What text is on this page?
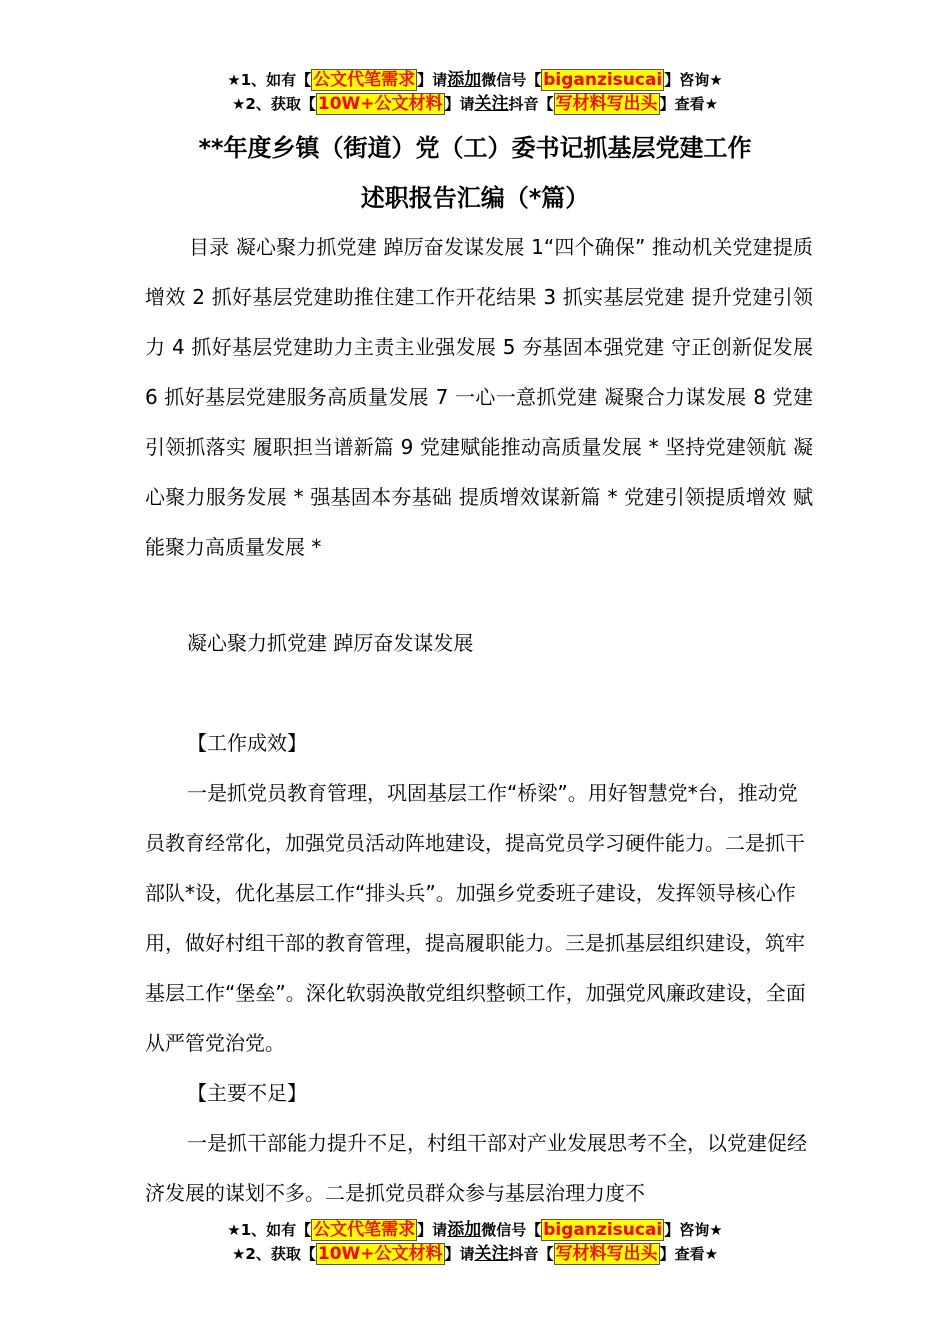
★1、如有【 公文代笔需求 】请添加微信号【 biganzisucai 】咨询★
★2、获取【 10W+公文材料 】请关注抖音【 写材料写出头 】查看★
**年度乡镇（街道）党（工）委书记抓基层党建工作
述职报告汇编（*篇）
目录 凝心聚力抓党建 踔厉奋发谋发展 1“四个确保” 推动机关党建提质增效 2 抓好基层党建助推住建工作开花结果 3 抓实基层党建 提升党建引领力 4 抓好基层党建助力主责主业强发展 5 夯基固本强党建 守正创新促发展 6 抓好基层党建服务高质量发展 7 一心一意抓党建 凝聚合力谋发展 8 党建引领抓落实 履职担当谱新篇 9 党建赋能推动高质量发展 * 坚持党建领航 凝心聚力服务发展 * 强基固本夯基础 提质增效谋新篇 * 党建引领提质增效 赋能聚力高质量发展 *
凝心聚力抓党建 踔厉奋发谋发展

【工作成效】

一是抓党员教育管理，巩固基层工作“桥梁”。用好智慧党*台，推动党员教育经常化，加强党员活动阵地建设，提高党员学习硬件能力。二是抓干部队*设，优化基层工作“排头兵”。加强乡党委班子建设，发挥领导核心作用，做好村组干部的教育管理，提高履职能力。三是抓基层组织建设，筑牢基层工作“堡垒”。深化软弱涣散党组织整顿工作，加强党风廉政建设，全面从严管党治党。

【主要不足】

一是抓干部能力提升不足，村组干部对产业发展思考不全，以党建促经济发展的谋划不多。二是抓党员群众参与基层治理力度不

★1、如有【 公文代笔需求 】请添加微信号【 biganzisucai 】咨询★
★2、获取【 10W+公文材料 】请关注抖音【 写材料写出头 】查看★
